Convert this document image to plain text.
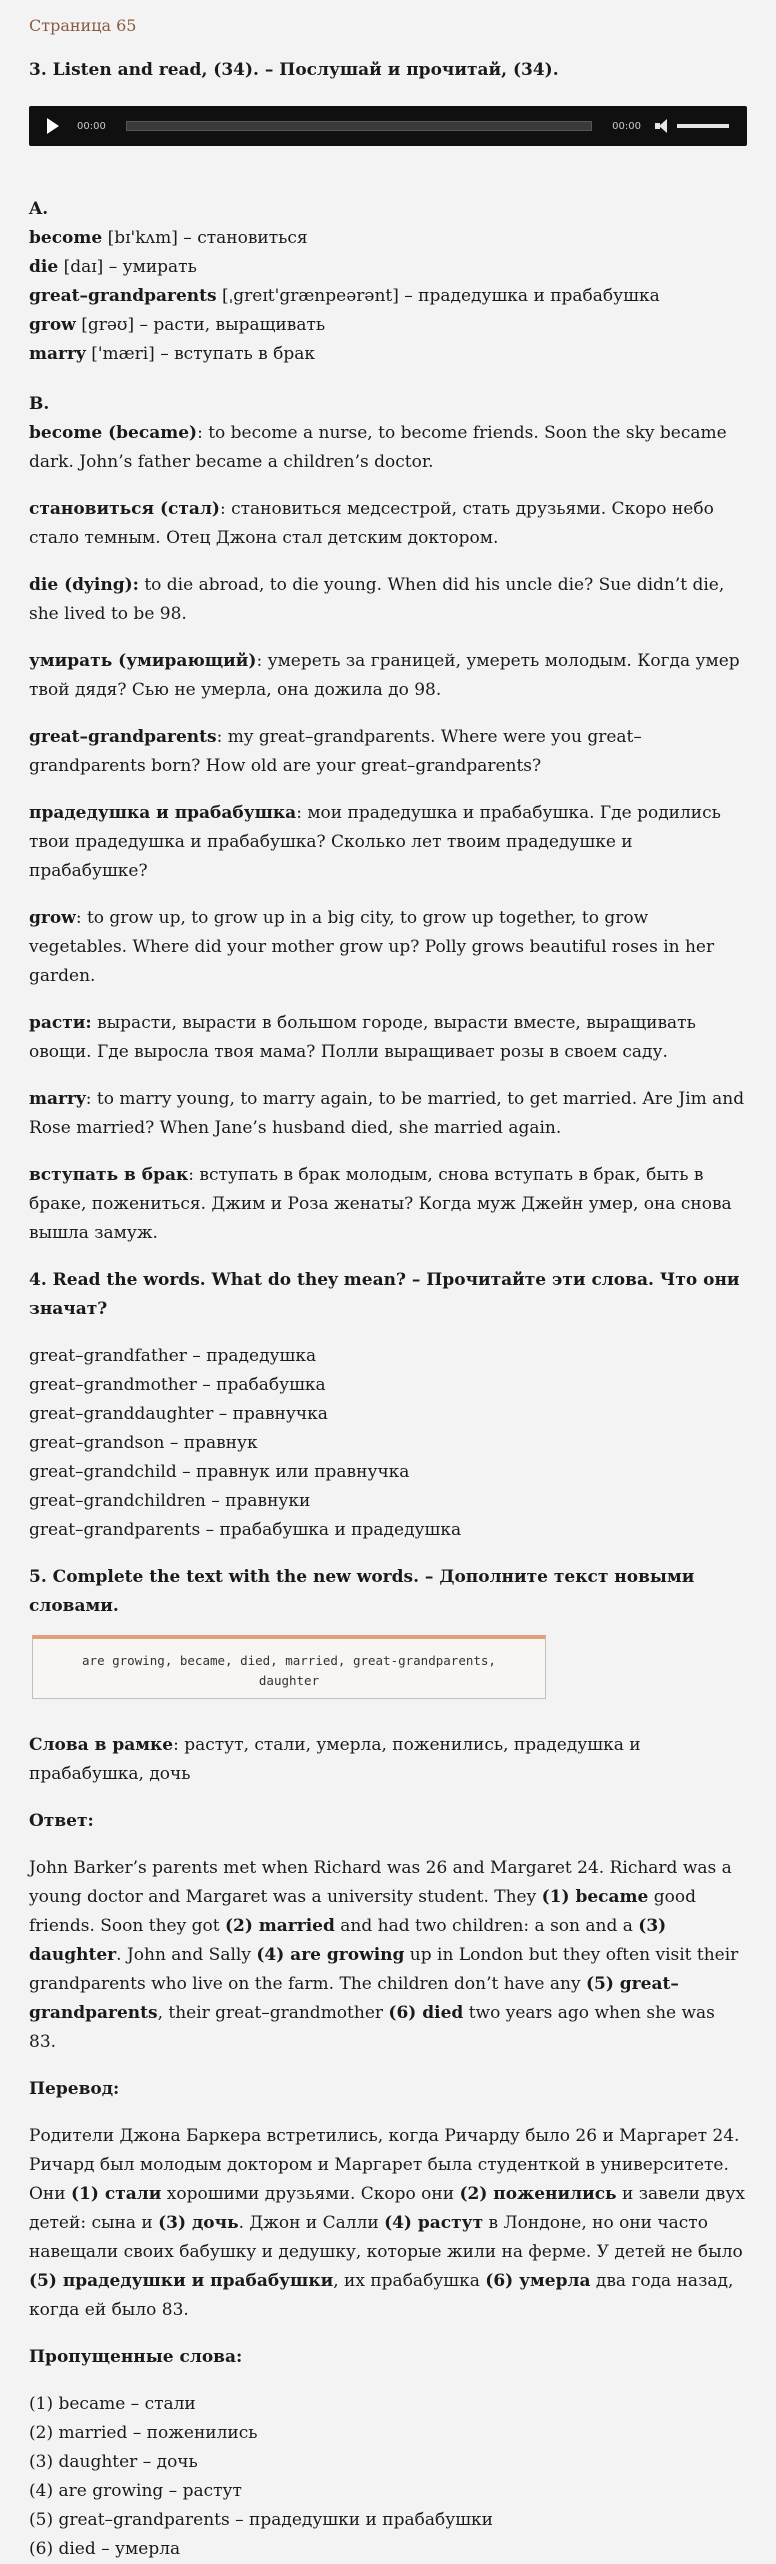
Страница 65
3. Listen and read, (34). – Послушай и прочитай, (34).
00:00	00:00
A.
become [bɪ'kʌm] – становиться
die [daɪ] – умирать
great–grandparents [ˌgreɪt'grænpeərənt] – прадедушка и прабабушка
grow [grəʊ] – расти, выращивать
marry ['mæri] – вступать в брак
B.
become (became): to become a nurse, to become friends. Soon the sky became dark. John’s father became a children’s doctor.
становиться (стал): становиться медсестрой, стать друзьями. Скоро небо стало темным. Отец Джона стал детским доктором.
die (dying): to die abroad, to die young. When did his uncle die? Sue didn’t die, she lived to be 98.
умирать (умирающий): умереть за границей, умереть молодым. Когда умер твой дядя? Сью не умерла, она дожила до 98.
great–grandparents: my great–grandparents. Where were you great–grandparents born? How old are your great–grandparents?
прадедушка и прабабушка: мои прадедушка и прабабушка. Где родились твои прадедушка и прабабушка? Сколько лет твоим прадедушке и прабабушке?
grow: to grow up, to grow up in a big city, to grow up together, to grow vegetables. Where did your mother grow up? Polly grows beautiful roses in her garden.
расти: вырасти, вырасти в большом городе, вырасти вместе, выращивать овощи. Где выросла твоя мама? Полли выращивает розы в своем саду.
marry: to marry young, to marry again, to be married, to get married. Are Jim and Rose married? When Jane’s husband died, she married again.
вступать в брак: вступать в брак молодым, снова вступать в брак, быть в браке, пожениться. Джим и Роза женаты? Когда муж Джейн умер, она снова вышла замуж.
4. Read the words. What do they mean? – Прочитайте эти слова. Что они значат?
great–grandfather – прадедушка
great–grandmother – прабабушка
great–granddaughter – правнучка
great–grandson – правнук
great–grandchild – правнук или правнучка
great–grandchildren – правнуки
great–grandparents – прабабушка и прадедушка
5. Complete the text with the new words. – Дополните текст новыми словами.
are growing, became, died, married, great-grandparents,
daughter
Слова в рамке: растут, стали, умерла, поженились, прадедушка и прабабушка, дочь
Ответ:
John Barker’s parents met when Richard was 26 and Margaret 24. Richard was a young doctor and Margaret was a university student. They (1) became good friends. Soon they got (2) married and had two children: a son and a (3) daughter. John and Sally (4) are growing up in London but they often visit their grandparents who live on the farm. The children don’t have any (5) great–grandparents, their great–grandmother (6) died two years ago when she was 83.
Перевод:
Родители Джона Баркера встретились, когда Ричарду было 26 и Маргарет 24. Ричард был молодым доктором и Маргарет была студенткой в университете. Они (1) стали хорошими друзьями. Скоро они (2) поженились и завели двух детей: сына и (3) дочь. Джон и Салли (4) растут в Лондоне, но они часто навещали своих бабушку и дедушку, которые жили на ферме. У детей не было (5) прадедушки и прабабушки, их прабабушка (6) умерла два года назад, когда ей было 83.
Пропущенные слова:
(1) became – стали
(2) married – поженились
(3) daughter – дочь
(4) are growing – растут
(5) great–grandparents – прадедушки и прабабушки
(6) died – умерла
